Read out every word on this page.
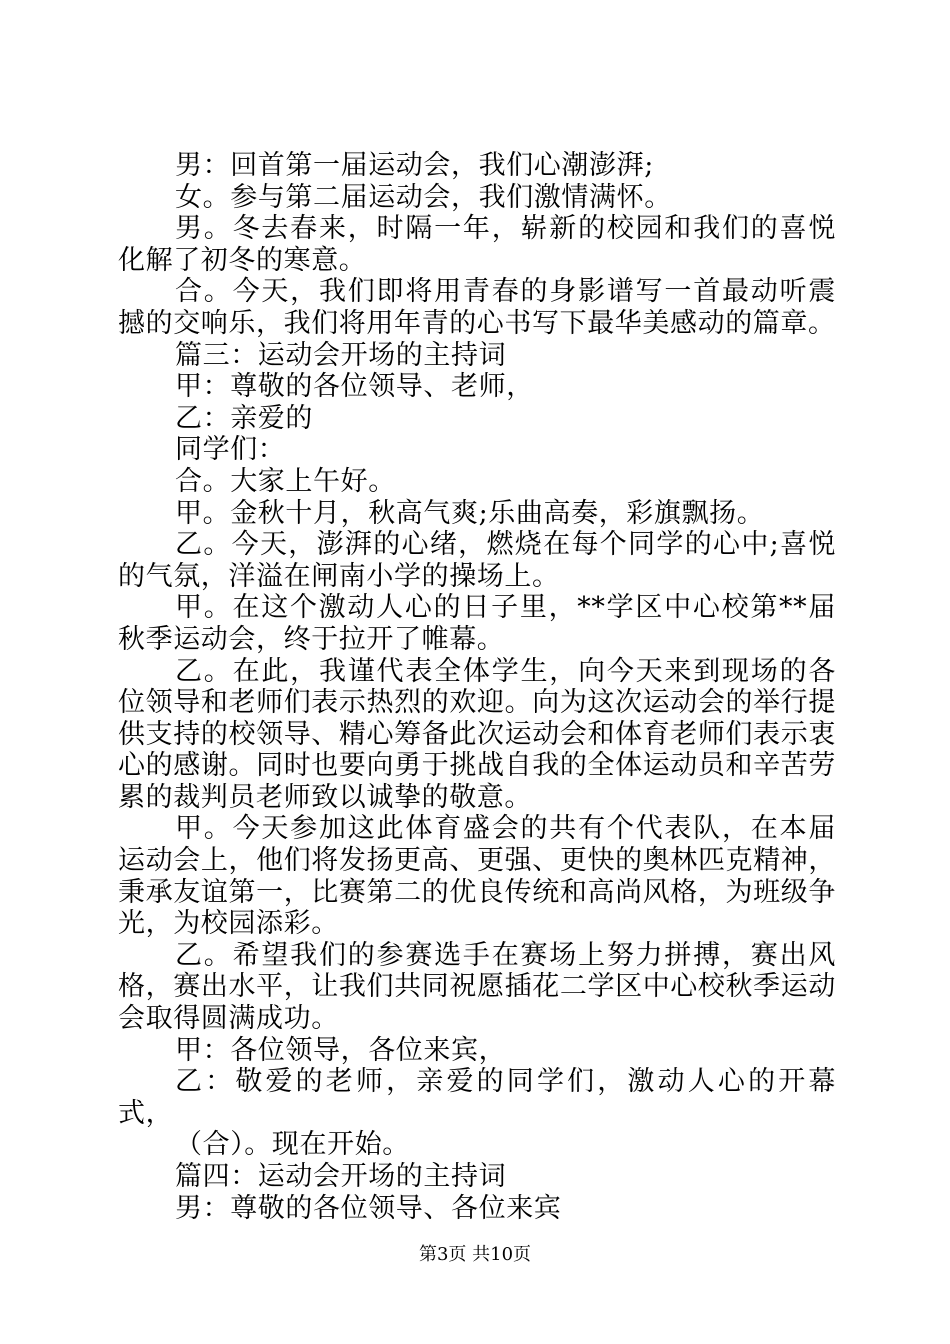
男：回首第一届运动会，我们心潮澎湃;

女。参与第二届运动会，我们激情满怀。

男。冬去春来，时隔一年，崭新的校园和我们的喜悦化解了初冬的寒意。

合。今天，我们即将用青春的身影谱写一首最动听震撼的交响乐，我们将用年青的心书写下最华美感动的篇章。

篇三：运动会开场的主持词

甲：尊敬的各位领导、老师，

乙：亲爱的

同学们：

合。大家上午好。

甲。金秋十月，秋高气爽;乐曲高奏，彩旗飘扬。

乙。今天，澎湃的心绪，燃烧在每个同学的心中;喜悦的气氛，洋溢在闸南小学的操场上。

甲。在这个激动人心的日子里，**学区中心校第**届秋季运动会，终于拉开了帷幕。

乙。在此，我谨代表全体学生，向今天来到现场的各位领导和老师们表示热烈的欢迎。向为这次运动会的举行提供支持的校领导、精心筹备此次运动会和体育老师们表示衷心的感谢。同时也要向勇于挑战自我的全体运动员和辛苦劳累的裁判员老师致以诚挚的敬意。

甲。今天参加这此体育盛会的共有个代表队，在本届运动会上，他们将发扬更高、更强、更快的奥林匹克精神，秉承友谊第一，比赛第二的优良传统和高尚风格，为班级争光，为校园添彩。

乙。希望我们的参赛选手在赛场上努力拼搏，赛出风格，赛出水平，让我们共同祝愿插花二学区中心校秋季运动会取得圆满成功。

甲：各位领导，各位来宾，

乙：敬爱的老师，亲爱的同学们，激动人心的开幕式，

（合）。现在开始。

篇四：运动会开场的主持词

男：尊敬的各位领导、各位来宾

第3页 共10页
